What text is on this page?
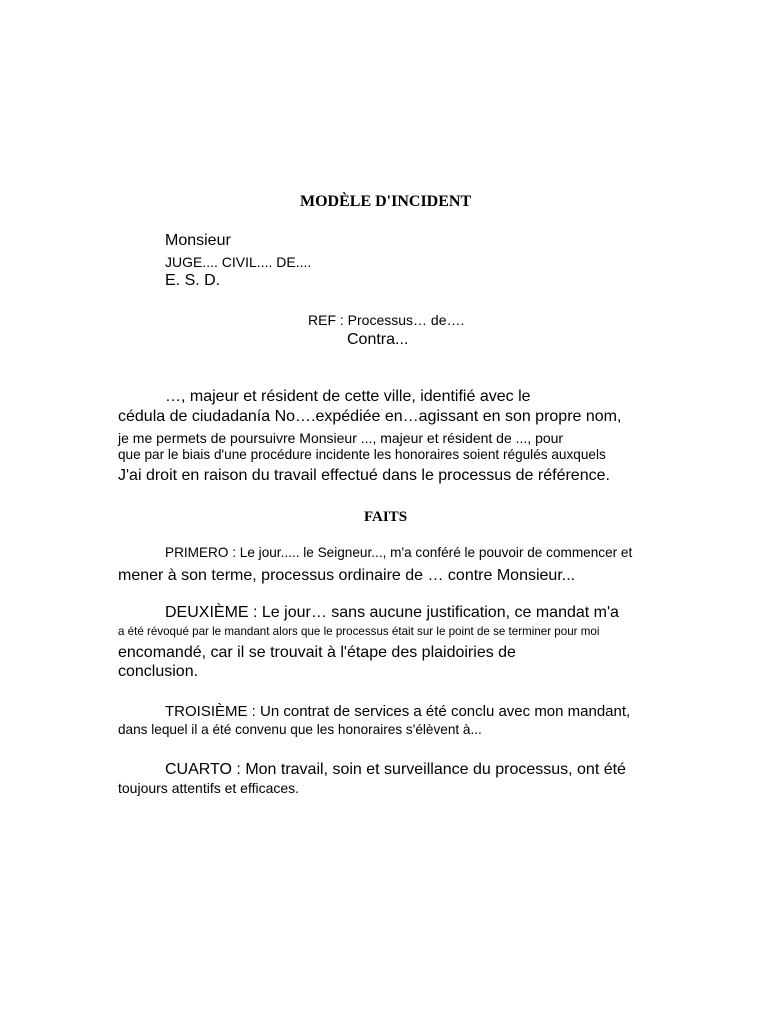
MODÈLE D'INCIDENT
Monsieur
JUGE.... CIVIL.... DE....
E. S. D.
REF : Processus… de….
Contra...
…, majeur et résident de cette ville, identifié avec le
cédula de ciudadanía No….expédiée en…agissant en son propre nom,
je me permets de poursuivre Monsieur ..., majeur et résident de ..., pour
que par le biais d'une procédure incidente les honoraires soient régulés auxquels
J'ai droit en raison du travail effectué dans le processus de référence.
FAITS
PRIMERO : Le jour..... le Seigneur..., m'a conféré le pouvoir de commencer et
mener à son terme, processus ordinaire de … contre Monsieur...
DEUXIÈME : Le jour… sans aucune justification, ce mandat m'a
a été révoqué par le mandant alors que le processus était sur le point de se terminer pour moi
encomandé, car il se trouvait à l'étape des plaidoiries de
conclusion.
TROISIÈME : Un contrat de services a été conclu avec mon mandant,
dans lequel il a été convenu que les honoraires s'élèvent à...
CUARTO : Mon travail, soin et surveillance du processus, ont été
toujours attentifs et efficaces.
